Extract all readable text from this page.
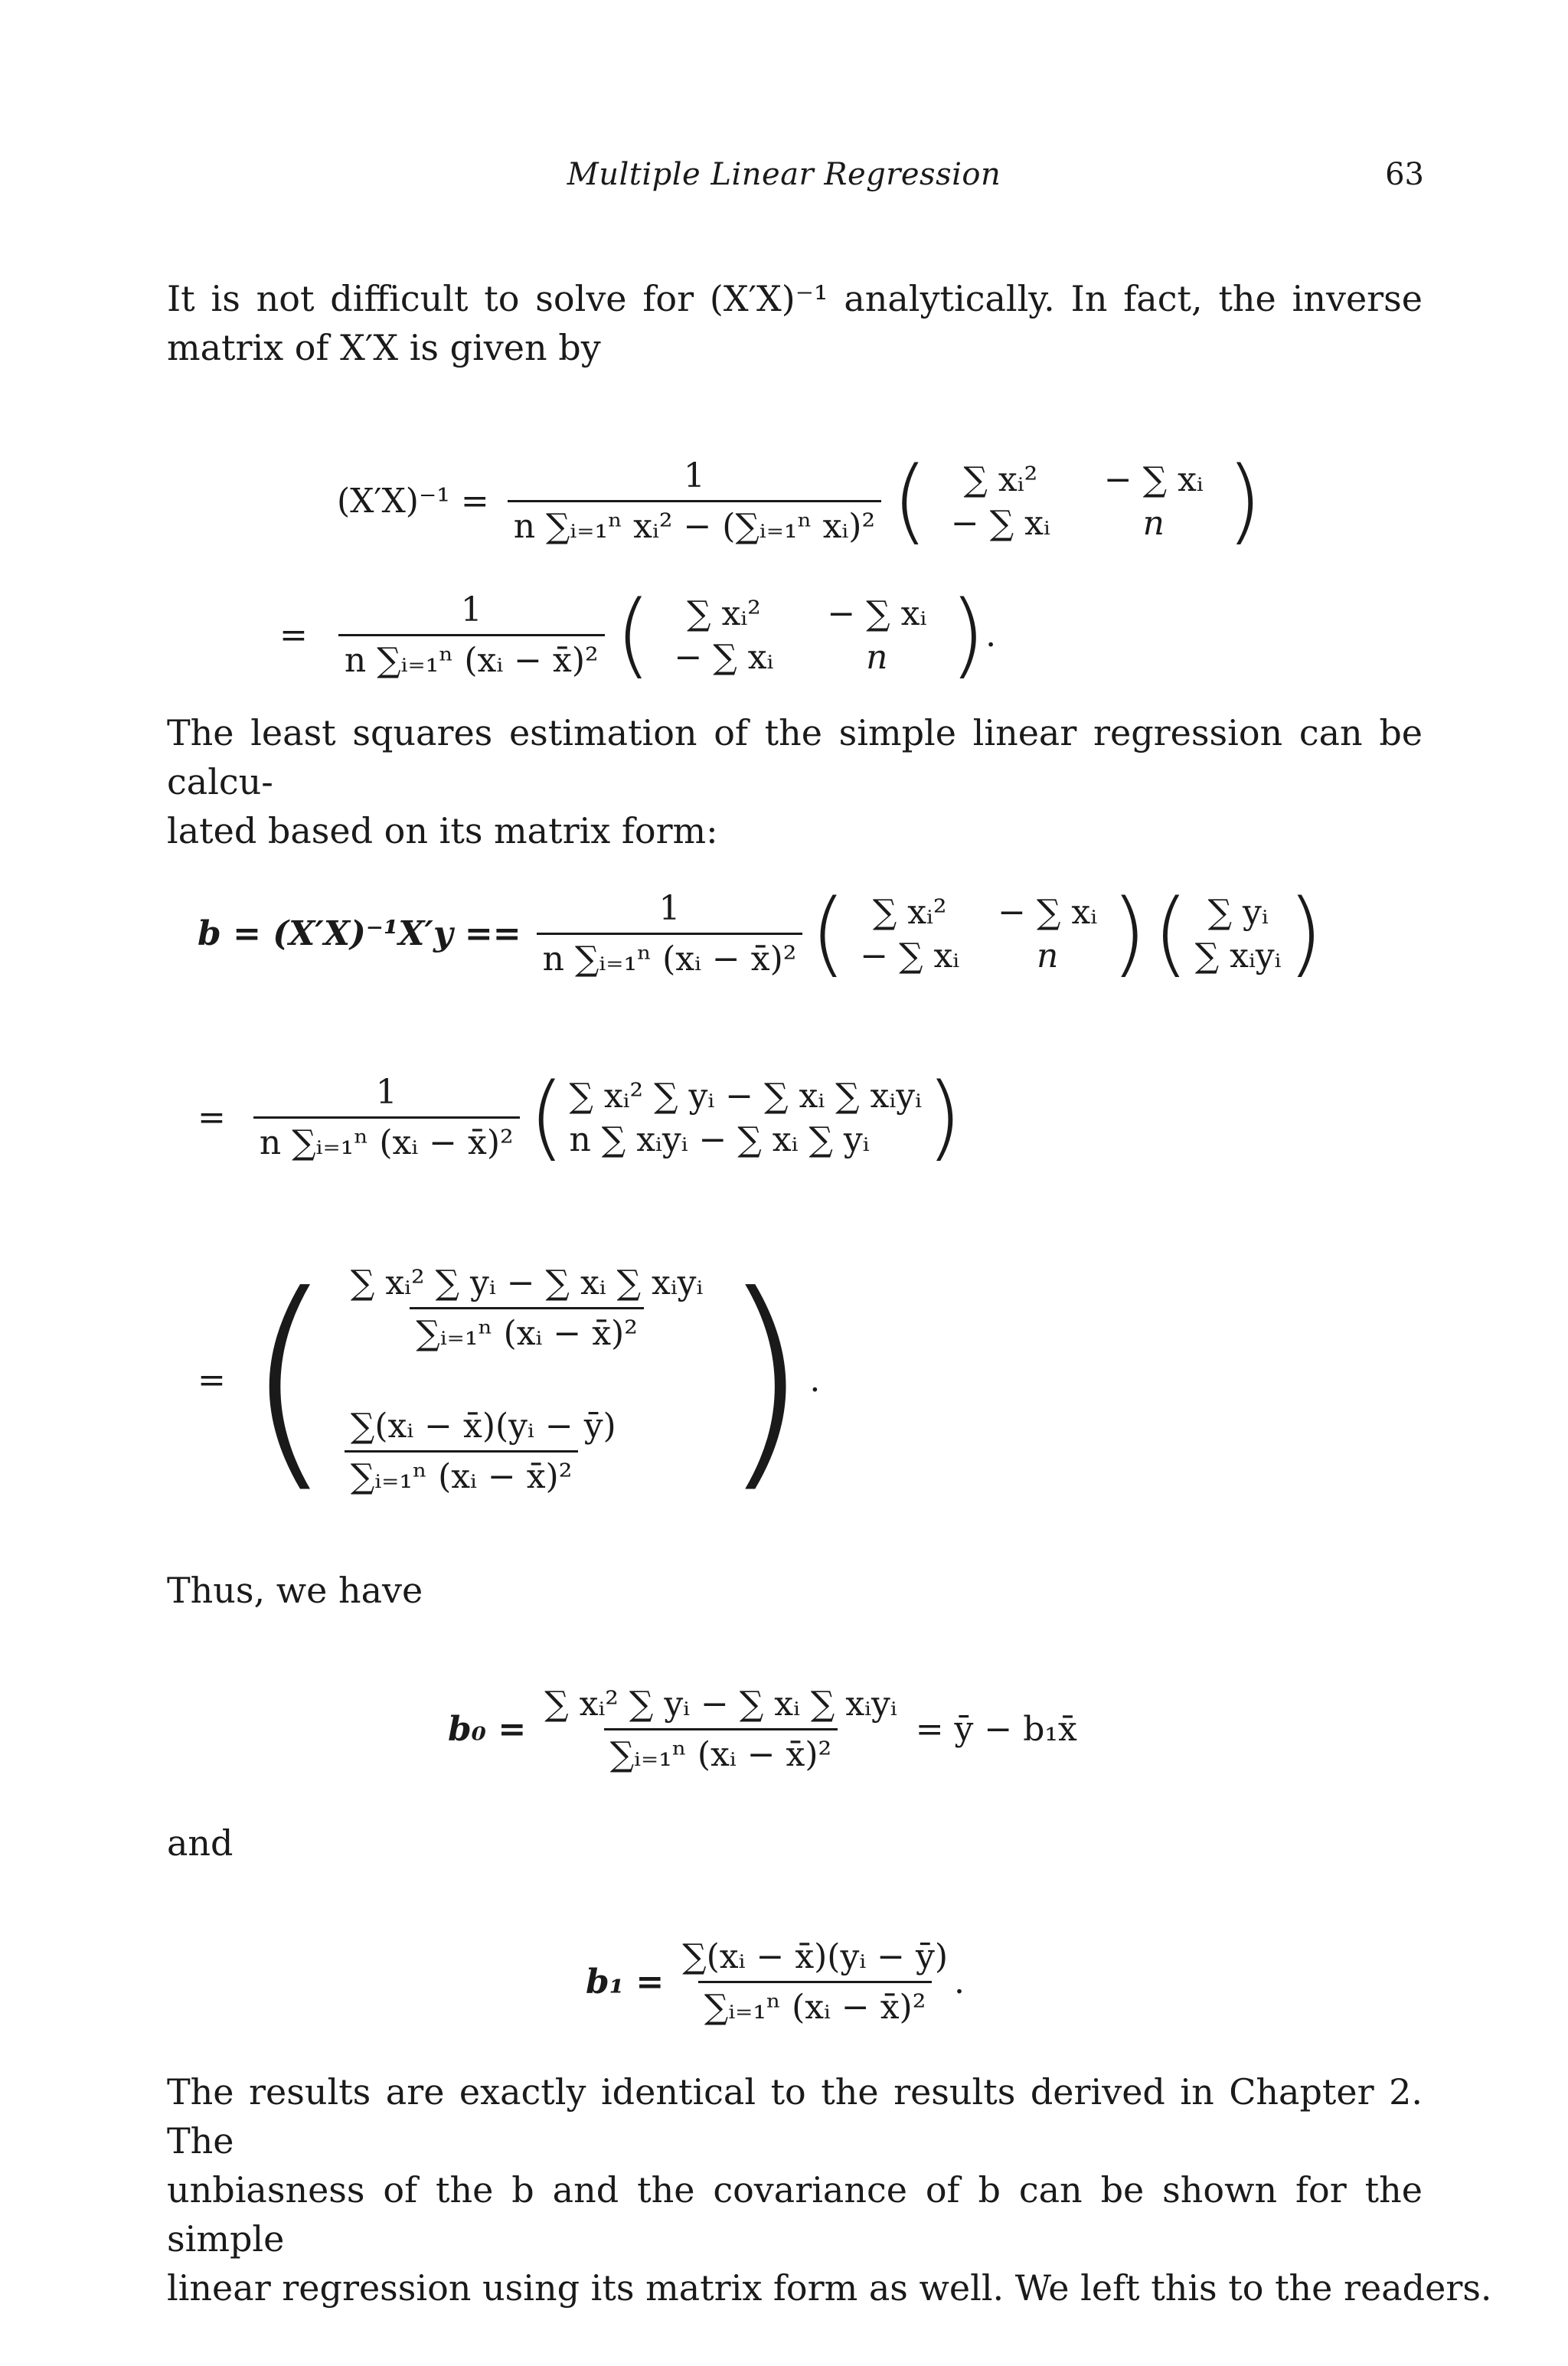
Multiple Linear Regression	63
It is not difficult to solve for (X′X)⁻¹ analytically. In fact, the inverse
matrix of X′X is given by
$(X'X)^{-1} = \frac{1}{\text{n ∑ᵢ₌₁ⁿ xᵢ² − (∑ᵢ₌₁ⁿ xᵢ)²}}$ ( ∑ xᵢ² − ∑ xᵢ
− ∑ xᵢ	n )
= $\frac{1}{\text{n ∑ᵢ₌₁ⁿ (xᵢ − x̄)²}}$ ( ∑ xᵢ² − ∑ xᵢ
− ∑ xᵢ	n ) .
The least squares estimation of the simple linear regression can be calcu-
lated based on its matrix form:
$b = (X'X)^{-1}X'y == \frac{1}{\text{n ∑ᵢ₌₁ⁿ (xᵢ − x̄)²}}$ ( ∑ xᵢ² − ∑ xᵢ
− ∑ xᵢ n ) ( ∑ yᵢ
∑ xᵢyᵢ )
= $\frac{1}{\text{n ∑ᵢ₌₁ⁿ (xᵢ − x̄)²}}$ ( ∑ xᵢ² ∑ yᵢ − ∑ xᵢ ∑ xᵢyᵢ
n ∑ xᵢyᵢ − ∑ xᵢ ∑ yᵢ )
= ( $\frac{\text{∑ xᵢ² ∑ yᵢ − ∑ xᵢ ∑ xᵢyᵢ}}{\text{∑ᵢ₌₁ⁿ (xᵢ − x̄)²}}$
$\frac{\text{∑(xᵢ − x̄)(yᵢ − ȳ)}}{\text{∑ᵢ₌₁ⁿ (xᵢ − x̄)²}}$ ) .
Thus, we have
$b_0 = \frac{\text{∑ xᵢ² ∑ yᵢ − ∑ xᵢ ∑ xᵢyᵢ}}{\text{∑ᵢ₌₁ⁿ (xᵢ − x̄)²}}$ = ȳ − b₁x̄
and
$b_1 = \frac{\text{∑(xᵢ − x̄)(yᵢ − ȳ)}}{\text{∑ᵢ₌₁ⁿ (xᵢ − x̄)²}}$ .
The results are exactly identical to the results derived in Chapter 2. The
unbiasness of the b and the covariance of b can be shown for the simple
linear regression using its matrix form as well. We left this to the readers.
